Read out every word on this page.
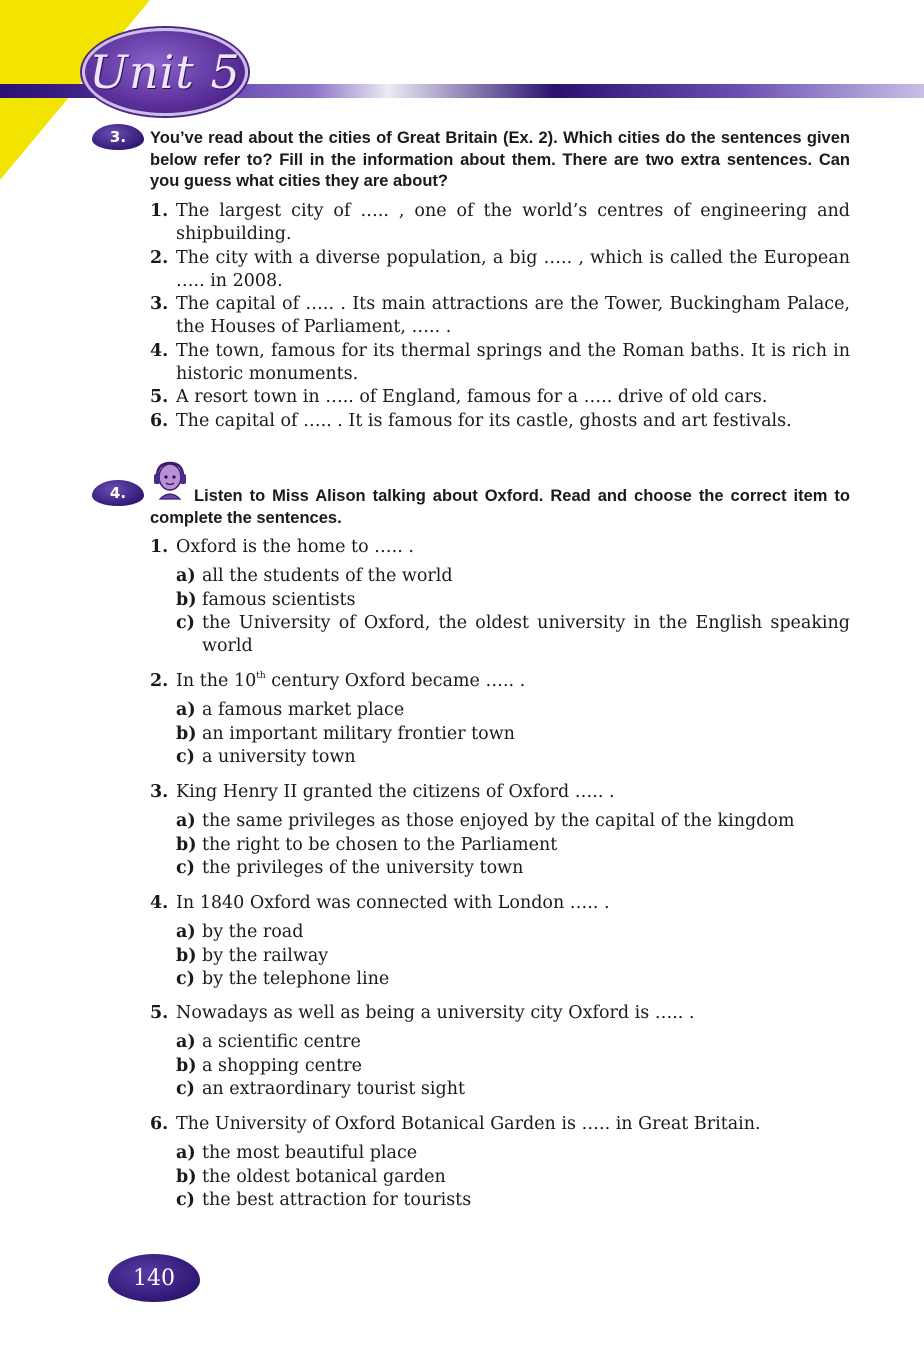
Unit 5
3.	You’ve read about the cities of Great Britain (Ex. 2). Which cities do the sentences given below refer to? Fill in the information about them. There are two extra sentences. Can you guess what cities they are about?

1. The largest city of ….. , one of the world’s centres of engineering and shipbuilding.
2. The city with a diverse population, a big ….. , which is called the European ….. in 2008.
3. The capital of ….. . Its main attractions are the Tower, Buckingham Palace, the Houses of Parliament, ….. .
4. The town, famous for its thermal springs and the Roman baths. It is rich in historic monuments.
5. A resort town in ….. of England, famous for a ….. drive of old cars.
6. The capital of ….. . It is famous for its castle, ghosts and art festivals.
4.	Listen to Miss Alison talking about Oxford. Read and choose the correct item to complete the sentences.

1. Oxford is the home to ….. .
a) all the students of the world
b) famous scientists
c) the University of Oxford, the oldest university in the English speaking world
2. In the 10th century Oxford became ….. .
a) a famous market place
b) an important military frontier town
c) a university town
3. King Henry II granted the citizens of Oxford ….. .
a) the same privileges as those enjoyed by the capital of the kingdom
b) the right to be chosen to the Parliament
c) the privileges of the university town
4. In 1840 Oxford was connected with London ….. .
a) by the road
b) by the railway
c) by the telephone line
5. Nowadays as well as being a university city Oxford is ….. .
a) a scientific centre
b) a shopping centre
c) an extraordinary tourist sight
6. The University of Oxford Botanical Garden is ….. in Great Britain.
a) the most beautiful place
b) the oldest botanical garden
c) the best attraction for tourists
140
